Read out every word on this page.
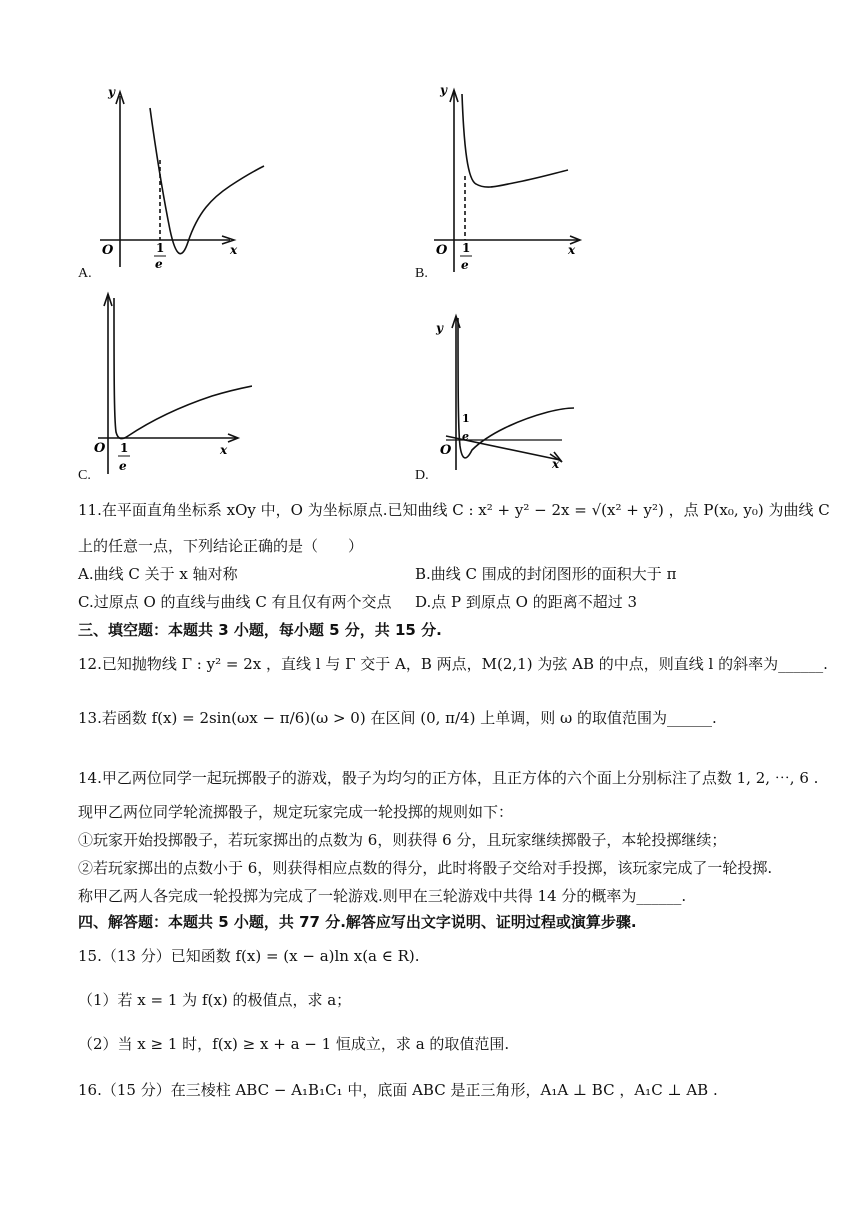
y
x
O	1
e
A.
y
x
O 1
e
B.
x
O 1
e
C.
y
x
O
1
e
D.
11.在平面直角坐标系 xOy 中，O 为坐标原点.已知曲线 C : x² + y² − 2x = √(x² + y²) ，点 P(x₀, y₀) 为曲线 C
上的任意一点，下列结论正确的是（　　）
A.曲线 C 关于 x 轴对称	B.曲线 C 围成的封闭图形的面积大于 π
C.过原点 O 的直线与曲线 C 有且仅有两个交点 D.点 P 到原点 O 的距离不超过 3
三、填空题：本题共 3 小题，每小题 5 分，共 15 分.
12.已知抛物线 Γ : y² = 2x ，直线 l 与 Γ 交于 A，B 两点，M(2,1) 为弦 AB 的中点，则直线 l 的斜率为______.
13.若函数 f(x) = 2sin(ωx − π/6)(ω > 0) 在区间 (0, π/4) 上单调，则 ω 的取值范围为______.
14.甲乙两位同学一起玩掷骰子的游戏，骰子为均匀的正方体，且正方体的六个面上分别标注了点数 1, 2, ⋯, 6 .
现甲乙两位同学轮流掷骰子，规定玩家完成一轮投掷的规则如下：
①玩家开始投掷骰子，若玩家掷出的点数为 6，则获得 6 分，且玩家继续掷骰子，本轮投掷继续；
②若玩家掷出的点数小于 6，则获得相应点数的得分，此时将骰子交给对手投掷，该玩家完成了一轮投掷.
称甲乙两人各完成一轮投掷为完成了一轮游戏.则甲在三轮游戏中共得 14 分的概率为______.
四、解答题：本题共 5 小题，共 77 分.解答应写出文字说明、证明过程或演算步骤.
15.（13 分）已知函数 f(x) = (x − a)ln x(a ∈ R).
（1）若 x = 1 为 f(x) 的极值点，求 a；
（2）当 x ≥ 1 时，f(x) ≥ x + a − 1 恒成立，求 a 的取值范围.
16.（15 分）在三棱柱 ABC − A₁B₁C₁ 中，底面 ABC 是正三角形，A₁A ⊥ BC ，A₁C ⊥ AB .
